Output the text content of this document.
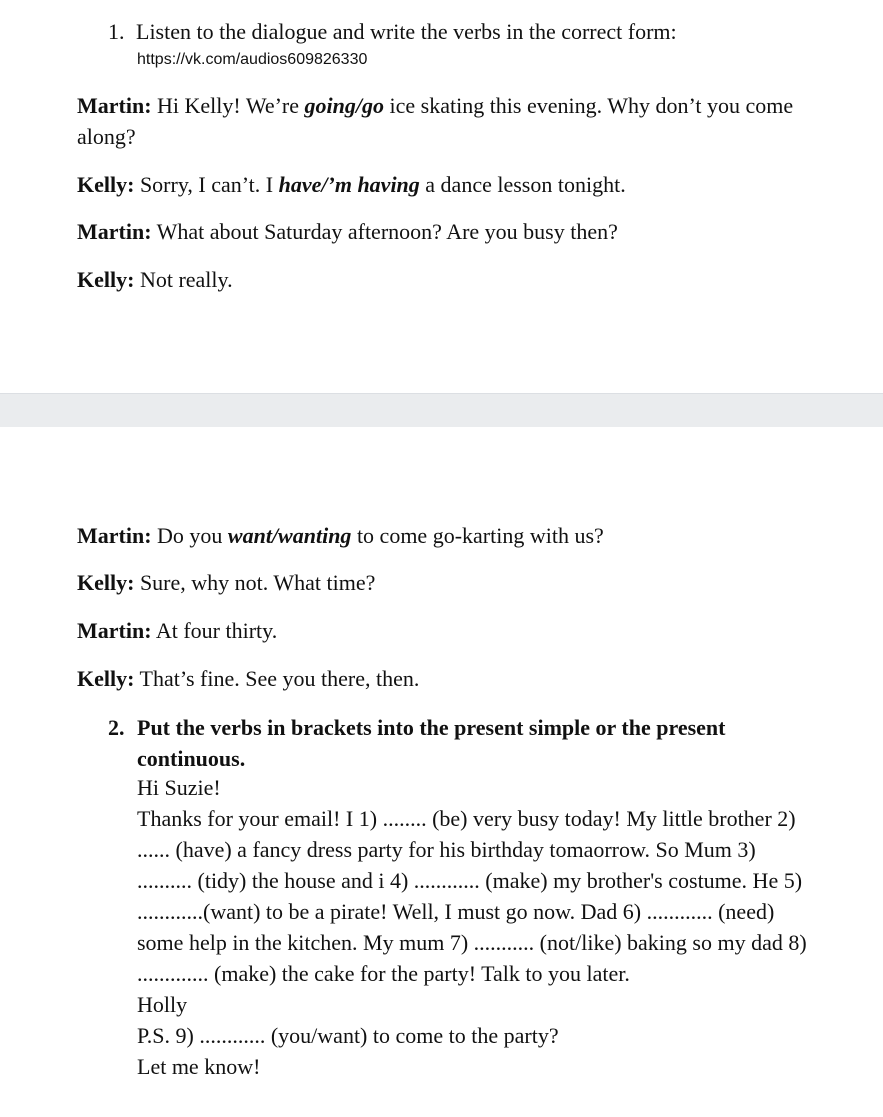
1. Listen to the dialogue and write the verbs in the correct form:
https://vk.com/audios609826330
Martin: Hi Kelly! We’re going/go ice skating this evening. Why don’t you come along?
Kelly: Sorry, I can’t. I have/’m having a dance lesson tonight.
Martin: What about Saturday afternoon? Are you busy then?
Kelly: Not really.
Martin: Do you want/wanting to come go-karting with us?
Kelly: Sure, why not. What time?
Martin: At four thirty.
Kelly: That’s fine. See you there, then.
2. Put the verbs in brackets into the present simple or the present continuous.
Hi Suzie!
Thanks for your email! I 1) ........ (be) very busy today! My little brother 2)
...... (have) a fancy dress party for his birthday tomaorrow. So Mum 3)
.......... (tidy) the house and i 4) ............ (make) my brother's costume. He 5)
............(want) to be a pirate! Well, I must go now. Dad 6) ............ (need)
some help in the kitchen. My mum 7) ........... (not/like) baking so my dad 8)
............. (make) the cake for the party! Talk to you later.
Holly
P.S. 9) ............ (you/want) to come to the party?
Let me know!
